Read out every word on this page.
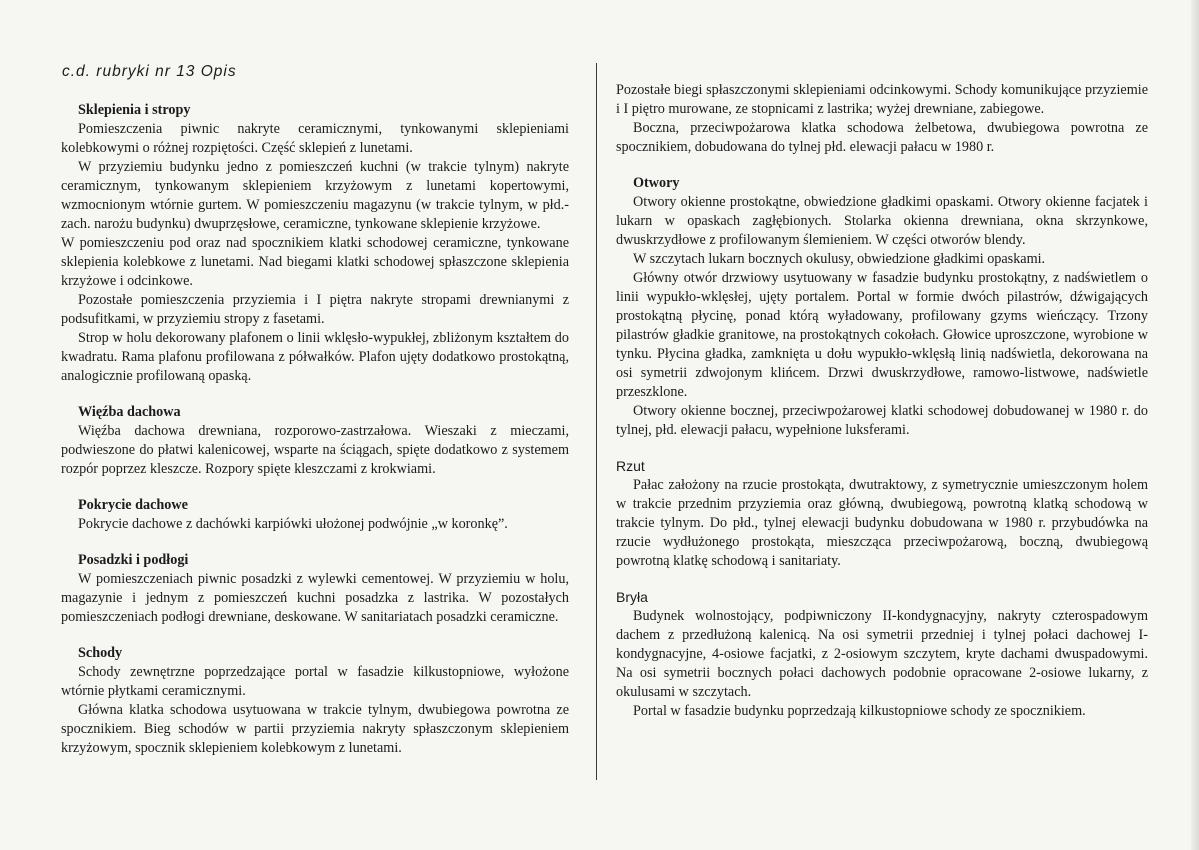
c.d. rubryki nr 13 Opis
Sklepienia i stropy

Pomieszczenia piwnic nakryte ceramicznymi, tynkowanymi sklepieniami kolebkowymi o różnej rozpiętości. Część sklepień z lunetami.

W przyziemiu budynku jedno z pomieszczeń kuchni (w trakcie tylnym) nakryte ceramicznym, tynkowanym sklepieniem krzyżowym z lunetami kopertowymi, wzmocnionym wtórnie gurtem. W pomieszczeniu magazynu (w trakcie tylnym, w płd.-zach. narożu budynku) dwuprzęsłowe, ceramiczne, tynkowane sklepienie krzyżowe.

W pomieszczeniu pod oraz nad spocznikiem klatki schodowej ceramiczne, tynkowane sklepienia kolebkowe z lunetami. Nad biegami klatki schodowej spłaszczone sklepienia krzyżowe i odcinkowe.

Pozostałe pomieszczenia przyziemia i I piętra nakryte stropami drewnianymi z podsufitkami, w przyziemiu stropy z fasetami.

Strop w holu dekorowany plafonem o linii wklęsło-wypukłej, zbliżonym kształtem do kwadratu. Rama plafonu profilowana z półwałków. Plafon ujęty dodatkowo prostokątną, analogicznie profilowaną opaską.

Więźba dachowa

Więźba dachowa drewniana, rozporowo-zastrzałowa. Wieszaki z mieczami, podwieszone do płatwi kalenicowej, wsparte na ściągach, spięte dodatkowo z systemem rozpór poprzez kleszcze. Rozpory spięte kleszczami z krokwiami.

Pokrycie dachowe

Pokrycie dachowe z dachówki karpiówki ułożonej podwójnie „w koronkę”.

Posadzki i podłogi

W pomieszczeniach piwnic posadzki z wylewki cementowej. W przyziemiu w holu, magazynie i jednym z pomieszczeń kuchni posadzka z lastrika. W pozostałych pomieszczeniach podłogi drewniane, deskowane. W sanitariatach posadzki ceramiczne.

Schody

Schody zewnętrzne poprzedzające portal w fasadzie kilkustopniowe, wyłożone wtórnie płytkami ceramicznymi.

Główna klatka schodowa usytuowana w trakcie tylnym, dwubiegowa powrotna ze spocznikiem. Bieg schodów w partii przyziemia nakryty spłaszczonym sklepieniem krzyżowym, spocznik sklepieniem kolebkowym z lunetami.

Pozostałe biegi spłaszczonymi sklepieniami odcinkowymi. Schody komunikujące przyziemie i I piętro murowane, ze stopnicami z lastrika; wyżej drewniane, zabiegowe.

Boczna, przeciwpożarowa klatka schodowa żelbetowa, dwubiegowa powrotna ze spocznikiem, dobudowana do tylnej płd. elewacji pałacu w 1980 r.

Otwory

Otwory okienne prostokątne, obwiedzione gładkimi opaskami. Otwory okienne facjatek i lukarn w opaskach zagłębionych. Stolarka okienna drewniana, okna skrzynkowe, dwuskrzydłowe z profilowanym ślemieniem. W części otworów blendy.

W szczytach lukarn bocznych okulusy, obwiedzione gładkimi opaskami.

Główny otwór drzwiowy usytuowany w fasadzie budynku prostokątny, z nadświetlem o linii wypukło-wklęsłej, ujęty portalem. Portal w formie dwóch pilastrów, dźwigających prostokątną płycinę, ponad którą wyładowany, profilowany gzyms wieńczący. Trzony pilastrów gładkie granitowe, na prostokątnych cokołach. Głowice uproszczone, wyrobione w tynku. Płycina gładka, zamknięta u dołu wypukło-wklęsłą linią nadświetla, dekorowana na osi symetrii zdwojonym klińcem. Drzwi dwuskrzydłowe, ramowo-listwowe, nadświetle przeszklone.

Otwory okienne bocznej, przeciwpożarowej klatki schodowej dobudowanej w 1980 r. do tylnej, płd. elewacji pałacu, wypełnione luksferami.

Rzut

Pałac założony na rzucie prostokąta, dwutraktowy, z symetrycznie umieszczonym holem w trakcie przednim przyziemia oraz główną, dwubiegową, powrotną klatką schodową w trakcie tylnym. Do płd., tylnej elewacji budynku dobudowana w 1980 r. przybudówka na rzucie wydłużonego prostokąta, mieszcząca przeciwpożarową, boczną, dwubiegową powrotną klatkę schodową i sanitariaty.

Bryła

Budynek wolnostojący, podpiwniczony II-kondygnacyjny, nakryty czterospadowym dachem z przedłużoną kalenicą. Na osi symetrii przedniej i tylnej połaci dachowej I-kondygnacyjne, 4-osiowe facjatki, z 2-osiowym szczytem, kryte dachami dwuspadowymi. Na osi symetrii bocznych połaci dachowych podobnie opracowane 2-osiowe lukarny, z okulusami w szczytach.

Portal w fasadzie budynku poprzedzają kilkustopniowe schody ze spocznikiem.
